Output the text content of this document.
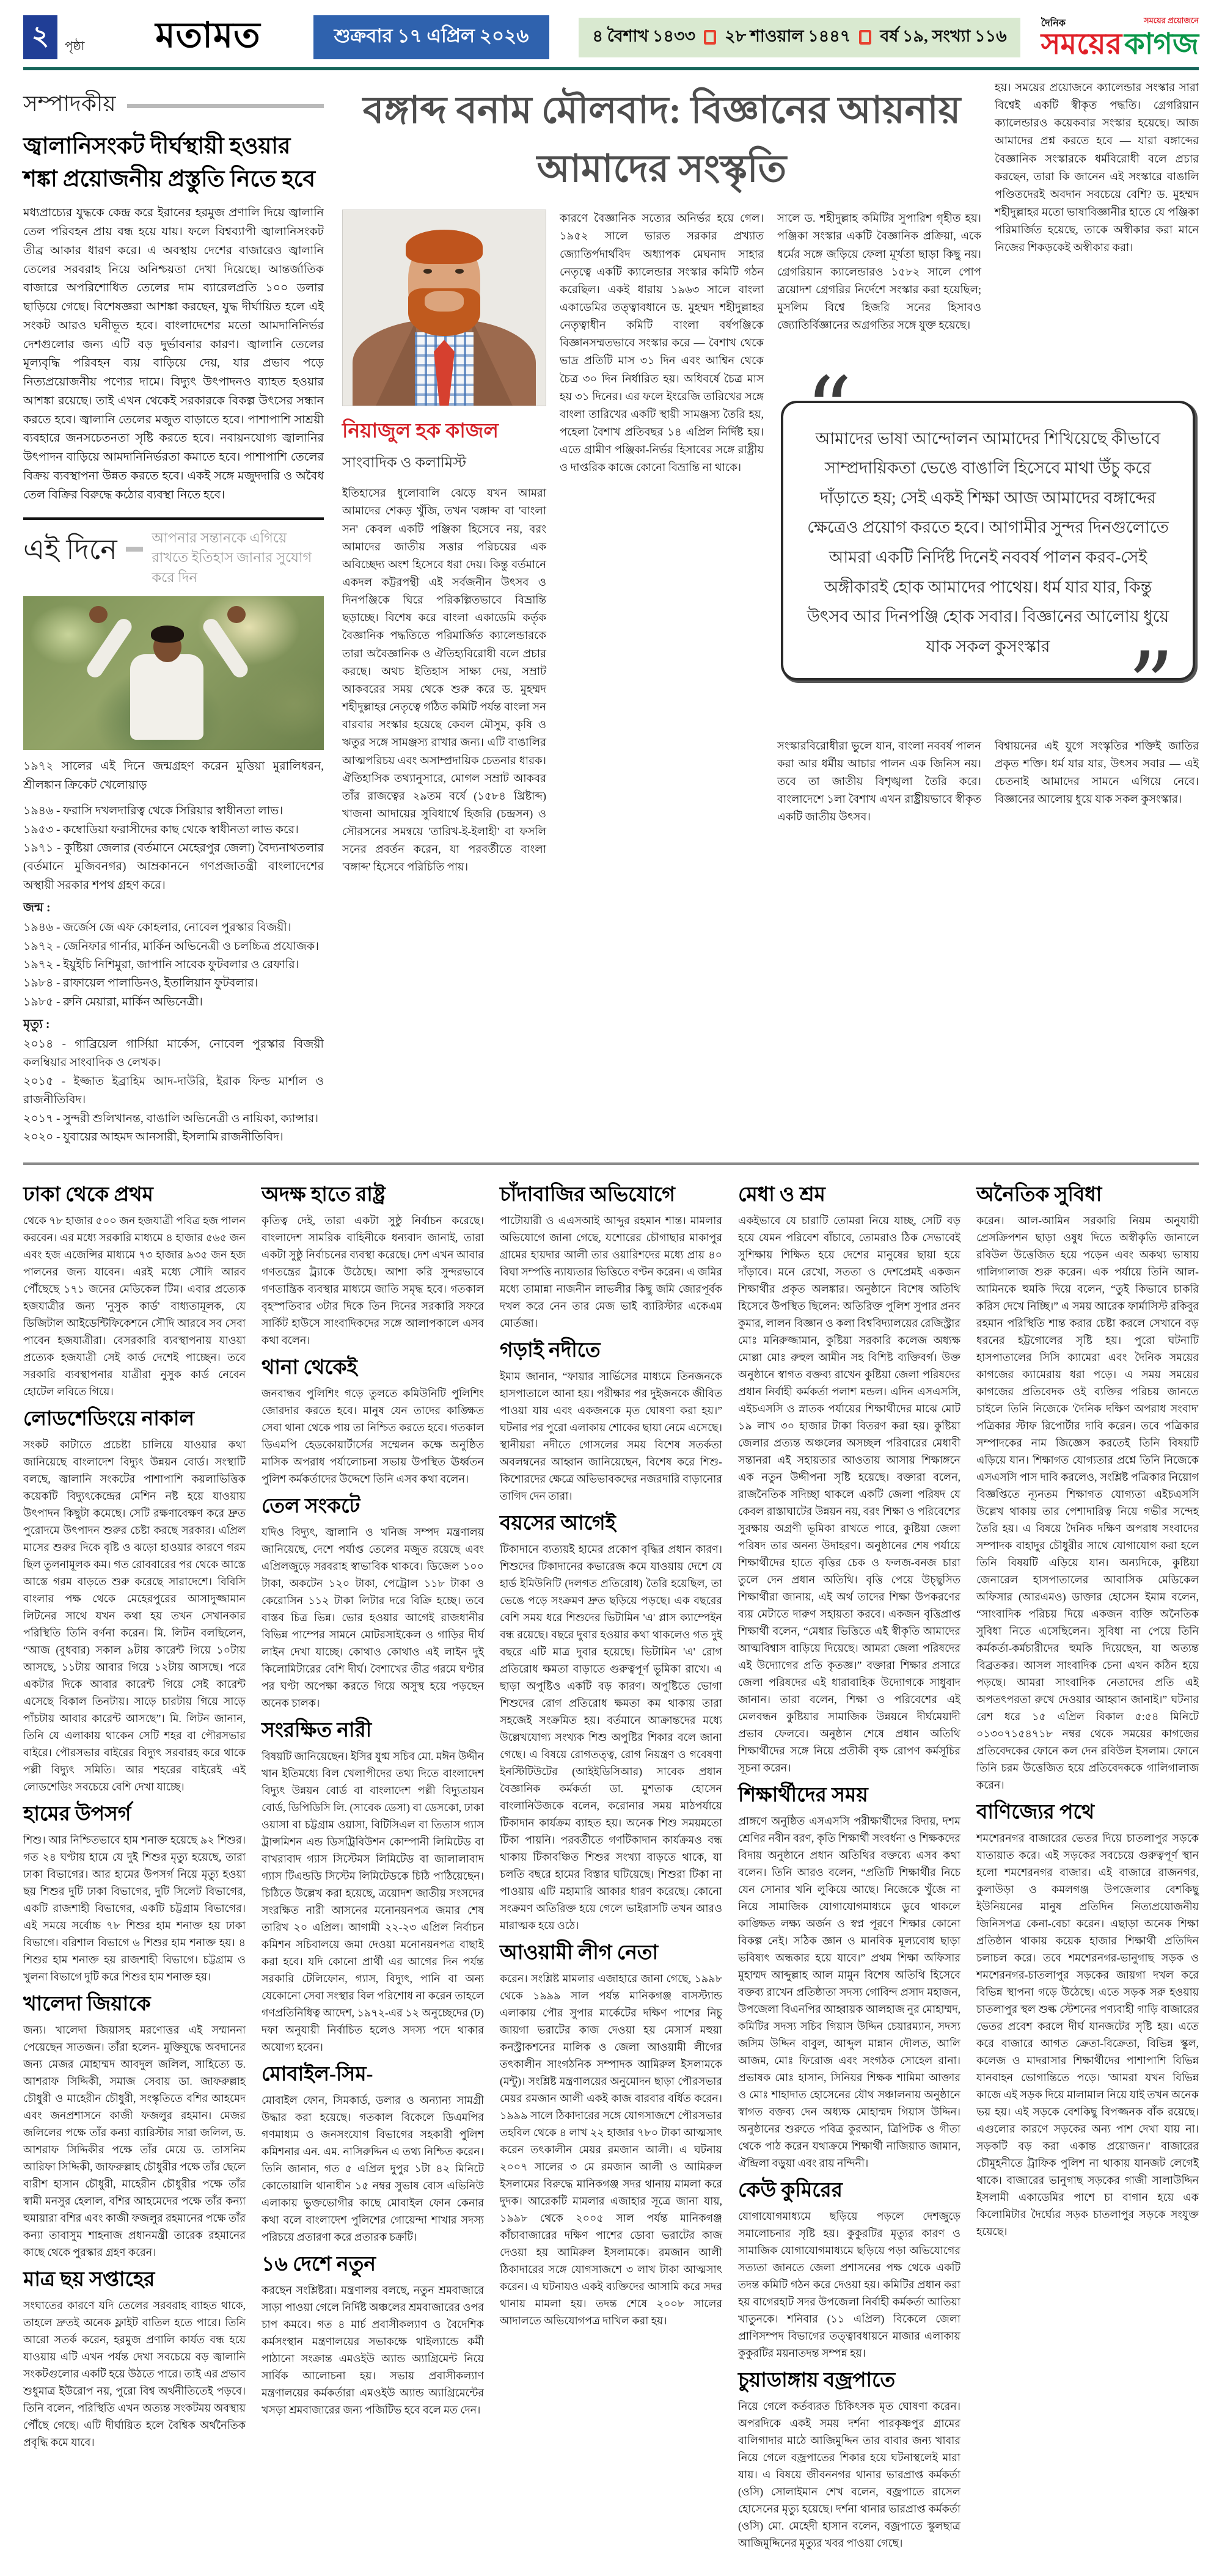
২ পৃষ্ঠা মতামত	শুক্রবার ১৭ এপ্রিল ২০২৬	৪ বৈশাখ ১৪৩৩ ২৮ শাওয়াল ১৪৪৭ বর্ষ ১৯, সংখ্যা ১১৬
দৈনিক	সময়ের প্রয়োজনে
সময়ের কাগজ
সম্পাদকীয়
জ্বালানিসংকট দীর্ঘস্থায়ী হওয়ার শঙ্কা প্রয়োজনীয় প্রস্তুতি নিতে হবে

মধ্যপ্রাচ্যের যুদ্ধকে কেন্দ্র করে ইরানের হরমুজ প্রণালি দিয়ে জ্বালানি তেল পরিবহন প্রায় বন্ধ হয়ে যায়। ফলে বিশ্বব্যাপী জ্বালানিসংকট তীব্র আকার ধারণ করে। এ অবস্থায় দেশের বাজারেও জ্বালানি তেলের সরবরাহ নিয়ে অনিশ্চয়তা দেখা দিয়েছে। আন্তর্জাতিক বাজারে অপরিশোধিত তেলের দাম ব্যারেলপ্রতি ১০০ ডলার ছাড়িয়ে গেছে। বিশেষজ্ঞরা আশঙ্কা করছেন, যুদ্ধ দীর্ঘায়িত হলে এই সংকট আরও ঘনীভূত হবে। বাংলাদেশের মতো আমদানিনির্ভর দেশগুলোর জন্য এটি বড় দুর্ভাবনার কারণ। জ্বালানি তেলের মূল্যবৃদ্ধি পরিবহন ব্যয় বাড়িয়ে দেয়, যার প্রভাব পড়ে নিত্যপ্রয়োজনীয় পণ্যের দামে। বিদ্যুৎ উৎপাদনও ব্যাহত হওয়ার আশঙ্কা রয়েছে। তাই এখন থেকেই সরকারকে বিকল্প উৎসের সন্ধান করতে হবে। জ্বালানি তেলের মজুত বাড়াতে হবে। পাশাপাশি সাশ্রয়ী ব্যবহারে জনসচেতনতা সৃষ্টি করতে হবে। নবায়নযোগ্য জ্বালানির উৎপাদন বাড়িয়ে আমদানিনির্ভরতা কমাতে হবে। পাশাপাশি তেলের বিক্রয় ব্যবস্থাপনা উন্নত করতে হবে। একই সঙ্গে মজুদদারি ও অবৈধ তেল বিক্রির বিরুদ্ধে কঠোর ব্যবস্থা নিতে হবে।

এই দিনে	আপনার সন্তানকে এগিয়ে রাখতে ইতিহাস জানার সুযোগ করে দিন

১৯৭২ সালের এই দিনে জন্মগ্রহণ করেন মুত্তিয়া মুরালিধরন, শ্রীলঙ্কান ক্রিকেট খেলোয়াড়

১৯৪৬ - ফরাসি দখলদারিত্ব থেকে সিরিয়ার স্বাধীনতা লাভ।

১৯৫৩ - কম্বোডিয়া ফরাসীদের কাছ থেকে স্বাধীনতা লাভ করে।

১৯৭১ - কুষ্টিয়া জেলার (বর্তমানে মেহেরপুর জেলা) বৈদ্যনাথতলার (বর্তমানে মুজিবনগর) আম্রকাননে গণপ্রজাতন্ত্রী বাংলাদেশের অস্থায়ী সরকার শপথ গ্রহণ করে।

জন্ম :

১৯৪৬ - জর্জেস জে এফ কোহলার, নোবেল পুরস্কার বিজয়ী।

১৯৭২ - জেনিফার গার্নার, মার্কিন অভিনেত্রী ও চলচ্চিত্র প্রযোজক।

১৯৭২ - ইয়ুইচি নিশিমুরা, জাপানি সাবেক ফুটবলার ও রেফারি।

১৯৮৪ - রাফায়েল পালাডিনও, ইতালিয়ান ফুটবলার।

১৯৮৫ - রুনি মেয়ারা, মার্কিন অভিনেত্রী।

মৃত্যু :

২০১৪ - গাব্রিয়েল গার্সিয়া মার্কেস, নোবেল পুরস্কার বিজয়ী কলম্বিয়ার সাংবাদিক ও লেখক।

২০১৫ - ইজ্জাত ইব্রাহিম আদ-দাউরি, ইরাক ফিল্ড মার্শাল ও রাজনীতিবিদ।

২০১৭ - সুন্দরী শুলিখানন্ত, বাঙালি অভিনেত্রী ও নায়িকা, ক্যান্সার।

২০২০ - যুবায়ের আহমদ আনসারী, ইসলামি রাজনীতিবিদ।

বঙ্গাব্দ বনাম মৌলবাদ: বিজ্ঞানের আয়নায় আমাদের সংস্কৃতি
হয়। সময়ের প্রয়োজনে ক্যালেন্ডার সংস্কার সারা বিশ্বেই একটি স্বীকৃত পদ্ধতি। গ্রেগরিয়ান ক্যালেন্ডারও কয়েকবার সংস্কার হয়েছে। আজ আমাদের প্রশ্ন করতে হবে — যারা বঙ্গাব্দের বৈজ্ঞানিক সংস্কারকে ধর্মবিরোধী বলে প্রচার করছেন, তারা কি জানেন এই সংস্কারে বাঙালি পণ্ডিতদেরই অবদান সবচেয়ে বেশি? ড. মুহম্মদ শহীদুল্লাহর মতো ভাষাবিজ্ঞানীর হাতে যে পঞ্জিকা পরিমার্জিত হয়েছে, তাকে অস্বীকার করা মানে নিজের শিকড়কেই অস্বীকার করা।
নিয়াজুল হক কাজল
সাংবাদিক ও কলামিস্ট

ইতিহাসের ধুলোবালি ঝেড়ে যখন আমরা আমাদের শেকড় খুঁজি, তখন 'বঙ্গাব্দ' বা 'বাংলা সন' কেবল একটি পঞ্জিকা হিসেবে নয়, বরং আমাদের জাতীয় সত্তার পরিচয়ের এক অবিচ্ছেদ্য অংশ হিসেবে ধরা দেয়। কিন্তু বর্তমানে একদল কট্টরপন্থী এই সর্বজনীন উৎসব ও দিনপঞ্জিকে ঘিরে পরিকল্পিতভাবে বিভ্রান্তি ছড়াচ্ছে। বিশেষ করে বাংলা একাডেমি কর্তৃক বৈজ্ঞানিক পদ্ধতিতে পরিমার্জিত ক্যালেন্ডারকে তারা অবৈজ্ঞানিক ও ঐতিহ্যবিরোধী বলে প্রচার করছে। অথচ ইতিহাস সাক্ষ্য দেয়, সম্রাট আকবরের সময় থেকে শুরু করে ড. মুহম্মদ শহীদুল্লাহর নেতৃত্বে গঠিত কমিটি পর্যন্ত বাংলা সন বারবার সংস্কার হয়েছে কেবল মৌসুম, কৃষি ও ঋতুর সঙ্গে সামঞ্জস্য রাখার জন্য। এটি বাঙালির আত্মপরিচয় এবং অসাম্প্রদায়িক চেতনার ধারক। ঐতিহাসিক তথ্যানুসারে, মোগল সম্রাট আকবর তাঁর রাজত্বের ২৯তম বর্ষে (১৫৮৪ খ্রিষ্টাব্দ) খাজনা আদায়ের সুবিধার্থে হিজরি (চন্দ্রসন) ও সৌরসনের সমন্বয়ে 'তারিখ-ই-ইলাহী' বা ফসলি সনের প্রবর্তন করেন, যা পরবর্তীতে বাংলা 'বঙ্গাব্দ' হিসেবে পরিচিতি পায়।

কারণে বৈজ্ঞানিক সত্যের অনির্ভর হয়ে গেল। ১৯৫২ সালে ভারত সরকার প্রখ্যাত জ্যোতির্পদার্থবিদ অধ্যাপক মেঘনাদ সাহার নেতৃত্বে একটি ক্যালেন্ডার সংস্কার কমিটি গঠন করেছিল। একই ধারায় ১৯৬৩ সালে বাংলা একাডেমির তত্ত্বাবধানে ড. মুহম্মদ শহীদুল্লাহর নেতৃত্বাধীন কমিটি বাংলা বর্ষপঞ্জিকে বিজ্ঞানসম্মতভাবে সংস্কার করে — বৈশাখ থেকে ভাদ্র প্রতিটি মাস ৩১ দিন এবং আশ্বিন থেকে চৈত্র ৩০ দিন নির্ধারিত হয়। অধিবর্ষে চৈত্র মাস হয় ৩১ দিনের। এর ফলে ইংরেজি তারিখের সঙ্গে বাংলা তারিখের একটি স্থায়ী সামঞ্জস্য তৈরি হয়, পহেলা বৈশাখ প্রতিবছর ১৪ এপ্রিল নির্দিষ্ট হয়। এতে গ্রামীণ পঞ্জিকা-নির্ভর হিসাবের সঙ্গে রাষ্ট্রীয় ও দাপ্তরিক কাজে কোনো বিভ্রান্তি না থাকে।

সালে ড. শহীদুল্লাহ কমিটির সুপারিশ গৃহীত হয়। পঞ্জিকা সংস্কার একটি বৈজ্ঞানিক প্রক্রিয়া, একে ধর্মের সঙ্গে জড়িয়ে ফেলা মূর্খতা ছাড়া কিছু নয়। গ্রেগরিয়ান ক্যালেন্ডারও ১৫৮২ সালে পোপ ত্রয়োদশ গ্রেগরির নির্দেশে সংস্কার করা হয়েছিল; মুসলিম বিশ্বে হিজরি সনের হিসাবও জ্যোতির্বিজ্ঞানের অগ্রগতির সঙ্গে যুক্ত হয়েছে।

“

আমাদের ভাষা আন্দোলন আমাদের শিখিয়েছে কীভাবে সাম্প্রদায়িকতা ভেঙে বাঙালি হিসেবে মাথা উঁচু করে দাঁড়াতে হয়; সেই একই শিক্ষা আজ আমাদের বঙ্গাব্দের ক্ষেত্রেও প্রয়োগ করতে হবে। আগামীর সুন্দর দিনগুলোতে আমরা একটি নির্দিষ্ট দিনেই নববর্ষ পালন করব-সেই অঙ্গীকারই হোক আমাদের পাথেয়। ধর্ম যার যার, কিন্তু উৎসব আর দিনপঞ্জি হোক সবার। বিজ্ঞানের আলোয় ধুয়ে যাক সকল কুসংস্কার ”

সংস্কারবিরোধীরা ভুলে যান, বাংলা নববর্ষ পালন করা আর ধর্মীয় আচার পালন এক জিনিস নয়। তবে তা জাতীয় বিশৃঙ্খলা তৈরি করে। বাংলাদেশে ১লা বৈশাখ এখন রাষ্ট্রীয়ভাবে স্বীকৃত একটি জাতীয় উৎসব।

বিশ্বায়নের এই যুগে সংস্কৃতির শক্তিই জাতির প্রকৃত শক্তি। ধর্ম যার যার, উৎসব সবার — এই চেতনাই আমাদের সামনে এগিয়ে নেবে। বিজ্ঞানের আলোয় ধুয়ে যাক সকল কুসংস্কার।

ঢাকা থেকে প্রথম

থেকে ৭৮ হাজার ৫০০ জন হজযাত্রী পবিত্র হজ পালন করবেন। এর মধ্যে সরকারি মাধ্যমে ৪ হাজার ৫৬৫ জন এবং হজ এজেন্সির মাধ্যমে ৭৩ হাজার ৯৩৫ জন হজ পালনের জন্য যাবেন। এরই মধ্যে সৌদি আরব পৌঁছেছে ১৭১ জনের মেডিকেল টিম। এবার প্রত্যেক হজযাত্রীর জন্য 'নুসুক কার্ড' বাধ্যতামূলক, যে ডিজিটাল আইডেন্টিফিকেশনে সৌদি আরবে সব সেবা পাবেন হজযাত্রীরা। বেসরকারি ব্যবস্থাপনায় যাওয়া প্রত্যেক হজযাত্রী সেই কার্ড দেশেই পাচ্ছেন। তবে সরকারি ব্যবস্থাপনার যাত্রীরা নুসুক কার্ড নেবেন হোটেল লবিতে গিয়ে।

লোডশেডিংয়ে নাকাল

সংকট কাটাতে প্রচেষ্টা চালিয়ে যাওয়ার কথা জানিয়েছে বাংলাদেশ বিদ্যুৎ উন্নয়ন বোর্ড। সংস্থাটি বলছে, জ্বালানি সংকটের পাশাপাশি কয়লাভিত্তিক কয়েকটি বিদ্যুৎকেন্দ্রের মেশিন নষ্ট হয়ে যাওয়ায় উৎপাদন কিছুটা কমেছে। সেটি রক্ষণাবেক্ষণ করে দ্রুত পুরোদমে উৎপাদন শুরুর চেষ্টা করছে সরকার। এপ্রিল মাসের শুরুর দিকে বৃষ্টি ও ঝড়ো হাওয়ার কারণে গরম ছিল তুলনামূলক কম। গত রোববারের পর থেকে আস্তে আস্তে গরম বাড়তে শুরু করেছে সারাদেশে। বিবিসি বাংলার পক্ষ থেকে মেহেরপুরের আসাদুজ্জামান লিটনের সাথে যখন কথা হয় তখন সেখানকার পরিস্থিতি তিনি বর্ণনা করেন। মি. লিটন বলছিলেন, “আজ (বুধবার) সকাল ৯টায় কারেন্ট গিয়ে ১০টায় আসছে, ১১টায় আবার গিয়ে ১২টায় আসছে। পরে একটার দিকে আবার কারেন্ট গিয়ে সেই কারেন্ট এসেছে বিকাল তিনটায়। সাড়ে চারটায় গিয়ে সাড়ে পাঁচটায় আবার কারেন্ট আসছে”। মি. লিটন জানান, তিনি যে এলাকায় থাকেন সেটি শহর বা পৌরসভার বাইরে। পৌরসভার বাইরের বিদ্যুৎ সরবারহ করে থাকে পল্লী বিদ্যুৎ সমিতি। আর শহরের বাইরেই এই লোডশেডিং সবচেয়ে বেশি দেখা যাচ্ছে।

হামের উপসর্গ

শিশু। আর নিশ্চিতভাবে হাম শনাক্ত হয়েছে ৯২ শিশুর। গত ২৪ ঘণ্টায় হামে যে দুই শিশুর মৃত্যু হয়েছে, তারা ঢাকা বিভাগের। আর হামের উপসর্গ নিয়ে মৃত্যু হওয়া ছয় শিশুর দুটি ঢাকা বিভাগের, দুটি সিলেট বিভাগের, একটি রাজশাহী বিভাগের, একটি চট্টগ্রাম বিভাগের। এই সময়ে সর্বোচ্চ ৭৮ শিশুর হাম শনাক্ত হয় ঢাকা বিভাগে। বরিশাল বিভাগে ৬ শিশুর হাম শনাক্ত হয়। ৪ শিশুর হাম শনাক্ত হয় রাজশাহী বিভাগে। চট্টগ্রাম ও খুলনা বিভাগে দুটি করে শিশুর হাম শনাক্ত হয়।

খালেদা জিয়াকে

জন্য। খালেদা জিয়াসহ মরণোত্তর এই সম্মাননা পেয়েছেন সাতজন। তাঁরা হলেন- মুক্তিযুদ্ধে অবদানের জন্য মেজর মোহাম্মদ আবদুল জলিল, সাহিত্যে ড. আশরাফ সিদ্দিকী, সমাজ সেবায় ডা. জাফরুল্লাহ চৌধুরী ও মাহেরীন চৌধুরী, সংস্কৃতিতে বশির আহমেদ এবং জনপ্রশাসনে কাজী ফজলুর রহমান। মেজর জলিলের পক্ষে তাঁর কন্যা ব্যারিস্টার সারা জলিল, ড. আশরাফ সিদ্দিকীর পক্ষে তাঁর মেয়ে ড. তাসনিম আরিফা সিদ্দিকী, জাফরুল্লাহ চৌধুরীর পক্ষে তাঁর ছেলে বারীশ হাসান চৌধুরী, মাহেরীন চৌধুরীর পক্ষে তাঁর স্বামী মনসুর হেলাল, বশির আহমেদের পক্ষে তাঁর কন্যা হুমায়ারা বশির এবং কাজী ফজলুর রহমানের পক্ষে তাঁর কন্যা তাবাসুম শাহনাজ প্রধানমন্ত্রী তারেক রহমানের কাছে থেকে পুরস্কার গ্রহণ করেন।

মাত্র ছয় সপ্তাহের

সংঘাতের কারণে যদি তেলের সরবরাহ ব্যাহত থাকে, তাহলে দ্রুতই অনেক ফ্লাইট বাতিল হতে পারে। তিনি আরো সতর্ক করেন, হরমুজ প্রণালি কার্যত বন্ধ হয়ে যাওয়ায় এটি এখন পর্যন্ত দেখা সবচেয়ে বড় জ্বালানি সংকটগুলোর একটি হয়ে উঠতে পারে। তাই এর প্রভাব শুধুমাত্র ইউরোপ নয়, পুরো বিশ্ব অর্থনীতিতেই পড়বে। তিনি বলেন, পরিস্থিতি এখন অত্যন্ত সংকটময় অবস্থায় পৌঁছে গেছে। এটি দীর্ঘায়িত হলে বৈশ্বিক অর্থনৈতিক প্রবৃদ্ধি কমে যাবে।

অদক্ষ হাতে রাষ্ট্র

কৃতিত্ব দেই, তারা একটা সুষ্ঠু নির্বাচন করেছে। বাংলাদেশ সামরিক বাহিনীকে ধন্যবাদ জানাই, তারা একটা সুষ্ঠু নির্বাচনের ব্যবস্থা করেছে। দেশ এখন আবার গণতন্ত্রের ট্র্যাকে উঠেছে। আশা করি সুন্দরভাবে গণতান্ত্রিক ব্যবস্থার মাধ্যমে জাতি সমৃদ্ধ হবে। গতকাল বৃহস্পতিবার ৩টার দিকে তিন দিনের সরকারি সফরে সার্কিট হাউসে সাংবাদিকদের সঙ্গে আলাপকালে এসব কথা বলেন।

থানা থেকেই

জনবান্ধব পুলিশিং গড়ে তুলতে কমিউনিটি পুলিশিং জোরদার করতে হবে। মানুষ যেন তাদের কাঙ্ক্ষিত সেবা থানা থেকে পায় তা নিশ্চিত করতে হবে। গতকাল ডিএমপি হেডকোয়ার্টার্সের সম্মেলন কক্ষে অনুষ্ঠিত মাসিক অপরাধ পর্যালোচনা সভায় উপস্থিত ঊর্ধ্বতন পুলিশ কর্মকর্তাদের উদ্দেশে তিনি এসব কথা বলেন।

তেল সংকটে

যদিও বিদ্যুৎ, জ্বালানি ও খনিজ সম্পদ মন্ত্রণালয় জানিয়েছে, দেশে পর্যাপ্ত তেলের মজুত রয়েছে এবং এপ্রিলজুড়ে সরবরাহ স্বাভাবিক থাকবে। ডিজেল ১০০ টাকা, অকটেন ১২০ টাকা, পেট্রোল ১১৮ টাকা ও কেরোসিন ১১২ টাকা লিটার দরে বিক্রি হচ্ছে। তবে বাস্তব চিত্র ভিন্ন। ভোর হওয়ার আগেই রাজধানীর বিভিন্ন পাম্পের সামনে মোটরসাইকেল ও গাড়ির দীর্ঘ লাইন দেখা যাচ্ছে। কোথাও কোথাও এই লাইন দুই কিলোমিটারের বেশি দীর্ঘ। বৈশাখের তীব্র গরমে ঘণ্টার পর ঘণ্টা অপেক্ষা করতে গিয়ে অসুস্থ হয়ে পড়ছেন অনেক চালক।

সংরক্ষিত নারী

বিষয়টি জানিয়েছেন। ইসির যুগ্ম সচিব মো. মঈন উদ্দীন খান ইতিমধ্যে বিল খেলাপীদের তথ্য দিতে বাংলাদেশ বিদ্যুৎ উন্নয়ন বোর্ড বা বাংলাদেশ পল্লী বিদ্যুতায়ন বোর্ড, ডিপিডিসি লি. (সাবেক ডেসা) বা ডেসকো, ঢাকা ওয়াসা বা চট্টগ্রাম ওয়াসা, বিটিসিএল বা তিতাস গ্যাস ট্রান্সমিশন এন্ড ডিসট্রিবিউশন কোম্পানী লিমিটেড বা বাখরাবাদ গ্যাস সিস্টেমস লিমিটেড বা জালালাবাদ গ্যাস টিএন্ডডি সিস্টেম লিমিটেডকে চিঠি পাঠিয়েছেন। চিঠিতে উল্লেখ করা হয়েছে, ত্রয়োদশ জাতীয় সংসদের সংরক্ষিত নারী আসনের মনোনয়নপত্র জমার শেষ তারিখ ২০ এপ্রিল। আগামী ২২-২৩ এপ্রিল নির্বাচন কমিশন সচিবালয়ে জমা দেওয়া মনোনয়নপত্র বাছাই করা হবে। যদি কোনো প্রার্থী এর আগের দিন পর্যন্ত সরকারি টেলিফোন, গ্যাস, বিদ্যুৎ, পানি বা অন্য যেকোনো সেবা সংস্থার বিল পরিশোধ না করেন তাহলে গণপ্রতিনিধিত্ব আদেশ, ১৯৭২-এর ১২ অনুচ্ছেদের (ঢ) দফা অনুযায়ী নির্বাচিত হলেও সদস্য পদে থাকার অযোগ্য হবেন।

মোবাইল-সিম-

মোবাইল ফোন, সিমকার্ড, ডলার ও অন্যান্য সামগ্রী উদ্ধার করা হয়েছে। গতকাল বিকেলে ডিএমপির গণমাধ্যম ও জনসংযোগ বিভাগের সহকারী পুলিশ কমিশনার এন. এম. নাসিরুদ্দিন এ তথ্য নিশ্চিত করেন। তিনি জানান, গত ৫ এপ্রিল দুপুর ১টা ৪২ মিনিটে কোতোয়ালি থানাধীন ১৫ নম্বর সুভাষ বোস এভিনিউ এলাকায় ভুক্তভোগীর কাছে মোবাইল ফোন কেনার কথা বলে বাংলাদেশ পুলিশের গোয়েন্দা শাখার সদস্য পরিচয়ে প্রতারণা করে প্রতারক চক্রটি।

১৬ দেশে নতুন

করছেন সংশ্লিষ্টরা। মন্ত্রণালয় বলছে, নতুন শ্রমবাজারে সাড়া পাওয়া গেলে নির্দিষ্ট অঞ্চলের শ্রমবাজারের ওপর চাপ কমবে। গত ৪ মার্চ প্রবাসীকল্যাণ ও বৈদেশিক কর্মসংস্থান মন্ত্রণালয়ের সভাকক্ষে থাইল্যান্ডে কর্মী পাঠানো সংক্রান্ত এমওইউ অ্যান্ড অ্যাগ্রিমেন্ট নিয়ে সার্বিক আলোচনা হয়। সভায় প্রবাসীকল্যাণ মন্ত্রণালয়ের কর্মকর্তারা এমওইউ অ্যান্ড অ্যাগ্রিমেন্টের খসড়া শ্রমবাজারের জন্য পজিটিভ হবে বলে মত দেন।

চাঁদাবাজির অভিযোগে

পাটোয়ারী ও এএসআই আব্দুর রহমান শান্ত। মামলার অভিযোগে জানা গেছে, যশোরের চৌগাছার মাকাপুর গ্রামের হায়দার আলী তার ওয়ারিশদের মধ্যে প্রায় ৪০ বিঘা সম্পত্তি ন্যায্যতার ভিত্তিতে বণ্টন করেন। এ জমির মধ্যে তামান্না নাজনীন লাভলীর কিছু জমি জোরপূর্বক দখল করে নেন তার মেজ ভাই ব্যারিস্টার একেএম মোর্তজা।

গড়াই নদীতে

ইমাম জানান, “ফায়ার সার্ভিসের মাধ্যমে তিনজনকে হাসপাতালে আনা হয়। পরীক্ষার পর দুইজনকে জীবিত পাওয়া যায় এবং একজনকে মৃত ঘোষণা করা হয়।” ঘটনার পর পুরো এলাকায় শোকের ছায়া নেমে এসেছে। স্থানীয়রা নদীতে গোসলের সময় বিশেষ সতর্কতা অবলম্বনের আহ্বান জানিয়েছেন, বিশেষ করে শিশু-কিশোরদের ক্ষেত্রে অভিভাবকদের নজরদারি বাড়ানোর তাগিদ দেন তারা।

বয়সের আগেই

টিকাদানে ব্যত্যয়ই হামের প্রকোপ বৃদ্ধির প্রধান কারণ। শিশুদের টিকাদানের কভারেজ কমে যাওয়ায় দেশে যে হার্ড ইমিউনিটি (দলগত প্রতিরোধ) তৈরি হয়েছিল, তা ভেঙে পড়ে সংক্রমণ দ্রুত ছড়িয়ে পড়ছে। এক বছরের বেশি সময় ধরে শিশুদের ভিটামিন 'এ' প্লাস ক্যাম্পেইন বন্ধ রয়েছে। বছরে দুবার হওয়ার কথা থাকলেও গত দুই বছরে এটি মাত্র দুবার হয়েছে। ভিটামিন 'এ' রোগ প্রতিরোধ ক্ষমতা বাড়াতে গুরুত্বপূর্ণ ভূমিকা রাখে। এ ছাড়া অপুষ্টিও একটি বড় কারণ। অপুষ্টিতে ভোগা শিশুদের রোগ প্রতিরোধ ক্ষমতা কম থাকায় তারা সহজেই সংক্রমিত হয়। বর্তমানে আক্রান্তদের মধ্যে উল্লেখযোগ্য সংখ্যক শিশু অপুষ্টির শিকার বলে জানা গেছে। এ বিষয়ে রোগতত্ত্ব, রোগ নিয়ন্ত্রণ ও গবেষণা ইনস্টিটিউটের (আইইডিসিআর) সাবেক প্রধান বৈজ্ঞানিক কর্মকর্তা ডা. মুশতাক হোসেন বাংলানিউজকে বলেন, করোনার সময় মাঠপর্যায়ে টিকাদান কার্যক্রম ব্যাহত হয়। অনেক শিশু সময়মতো টিকা পায়নি। পরবর্তীতে গণটিকাদান কার্যক্রমও বন্ধ থাকায় টিকাবঞ্চিত শিশুর সংখ্যা বাড়তে থাকে, যা চলতি বছরে হামের বিস্তার ঘটিয়েছে। শিশুরা টিকা না পাওয়ায় এটি মহামারি আকার ধারণ করেছে। কোনো সংক্রমণ অতিরিক্ত হয়ে গেলে ভাইরাসটি তখন আরও মারাত্মক হয়ে ওঠে।

আওয়ামী লীগ নেতা

করেন। সংশ্লিষ্ট মামলার এজাহারে জানা গেছে, ১৯৯৮ থেকে ১৯৯৯ সাল পর্যন্ত মানিকগঞ্জ বাসস্ট্যান্ড এলাকায় পৌর সুপার মার্কেটের দক্ষিণ পাশের নিচু জায়গা ভরাটের কাজ দেওয়া হয় মেসার্স মহুয়া কনস্ট্রাকশনের মালিক ও জেলা আওয়ামী লীগের তৎকালীন সাংগঠনিক সম্পাদক আমিরুল ইসলামকে (মন্টু)। সংশ্লিষ্ট মন্ত্রণালয়ের অনুমোদন ছাড়া পৌরসভার মেয়র রমজান আলী একই কাজ বারবার বর্ধিত করেন। ১৯৯৯ সালে ঠিকাদারের সঙ্গে যোগসাজশে পৌরসভার তহবিল থেকে ৪ লাখ ২২ হাজার ৭৮০ টাকা আত্মসাৎ করেন তৎকালীন মেয়র রমজান আলী। এ ঘটনায় ২০০৭ সালের ৩ মে রমজান আলী ও আমিরুল ইসলামের বিরুদ্ধে মানিকগঞ্জ সদর থানায় মামলা করে দুদক। আরেকটি মামলার এজাহার সূত্রে জানা যায়, ১৯৯৮ থেকে ২০০৫ সাল পর্যন্ত মানিকগঞ্জ কাঁচাবাজারের দক্ষিণ পাশের ডোবা ভরাটের কাজ দেওয়া হয় আমিরুল ইসলামকে। রমজান আলী ঠিকাদারের সঙ্গে যোগসাজশে ৩ লাখ টাকা আত্মসাৎ করেন। এ ঘটনায়ও একই ব্যক্তিদের আসামি করে সদর থানায় মামলা হয়। তদন্ত শেষে ২০০৮ সালের আদালতে অভিযোগপত্র দাখিল করা হয়।

মেধা ও শ্রম

একইভাবে যে চারাটি তোমরা নিয়ে যাচ্ছ, সেটি বড় হয়ে যেমন পরিবেশ বাঁচাবে, তোমরাও ঠিক সেভাবেই সুশিক্ষায় শিক্ষিত হয়ে দেশের মানুষের ছায়া হয়ে দাঁড়াবে। মনে রেখো, সততা ও দেশপ্রেমই একজন শিক্ষার্থীর প্রকৃত অলঙ্কার। অনুষ্ঠানে বিশেষ অতিথি হিসেবে উপস্থিত ছিলেন: অতিরিক্ত পুলিশ সুপার প্রনব কুমার, লালন বিজ্ঞান ও কলা বিশ্ববিদ্যালয়ের রেজিস্ট্রার মোঃ মনিরুজ্জামান, কুষ্টিয়া সরকারি কলেজ অধ্যক্ষ মোল্লা মোঃ রুহুল আমীন সহ বিশিষ্ট ব্যক্তিবর্গ। উক্ত অনুষ্ঠানে স্বাগত বক্তব্য রাখেন কুষ্টিয়া জেলা পরিষদের প্রধান নির্বাহী কর্মকর্তা পলাশ মন্ডল। এদিন এসএসসি, এইচএসসি ও স্নাতক পর্যায়ের শিক্ষার্থীদের মাঝে মোট ১৯ লাখ ৩০ হাজার টাকা বিতরণ করা হয়। কুষ্টিয়া জেলার প্রত্যন্ত অঞ্চলের অসচ্ছল পরিবারের মেধাবী সন্তানরা এই সহায়তার আওতায় আসায় শিক্ষাঙ্গনে এক নতুন উদ্দীপনা সৃষ্টি হয়েছে। বক্তারা বলেন, রাজনৈতিক সদিচ্ছা থাকলে একটি জেলা পরিষদ যে কেবল রাস্তাঘাটের উন্নয়ন নয়, বরং শিক্ষা ও পরিবেশের সুরক্ষায় অগ্রণী ভূমিকা রাখতে পারে, কুষ্টিয়া জেলা পরিষদ তার অনন্য উদাহরণ। অনুষ্ঠানের শেষ পর্যায়ে শিক্ষার্থীদের হাতে বৃত্তির চেক ও ফলজ-বনজ চারা তুলে দেন প্রধান অতিথি। বৃত্তি পেয়ে উচ্ছ্বসিত শিক্ষার্থীরা জানায়, এই অর্থ তাদের শিক্ষা উপকরণের ব্যয় মেটাতে দারুণ সহায়তা করবে। একজন বৃত্তিপ্রাপ্ত শিক্ষার্থী বলেন, “মেধার ভিত্তিতে এই স্বীকৃতি আমাদের আত্মবিশ্বাস বাড়িয়ে দিয়েছে। আমরা জেলা পরিষদের এই উদ্যোগের প্রতি কৃতজ্ঞ।” বক্তারা শিক্ষার প্রসারে জেলা পরিষদের এই ধারাবাহিক উদ্যোগকে সাধুবাদ জানান। তারা বলেন, শিক্ষা ও পরিবেশের এই মেলবন্ধন কুষ্টিয়ার সামাজিক উন্নয়নে দীর্ঘমেয়াদী প্রভাব ফেলবে। অনুষ্ঠান শেষে প্রধান অতিথি শিক্ষার্থীদের সঙ্গে নিয়ে প্রতীকী বৃক্ষ রোপণ কর্মসূচির সূচনা করেন।

শিক্ষার্থীদের সময়

প্রাঙ্গণে অনুষ্ঠিত এসএসসি পরীক্ষার্থীদের বিদায়, দশম শ্রেণির নবীন বরণ, কৃতি শিক্ষার্থী সংবর্ধনা ও শিক্ষকদের বিদায় অনুষ্ঠানে প্রধান অতিথির বক্তব্যে এসব কথা বলেন। তিনি আরও বলেন, “প্রতিটি শিক্ষার্থীর নিচে যেন সোনার খনি লুকিয়ে আছে। নিজেকে খুঁজে না নিয়ে সামাজিক যোগাযোগমাধ্যমে ডুবে থাকলে কাঙ্ক্ষিত লক্ষ্য অর্জন ও স্বপ্ন পূরণে শিক্ষার কোনো বিকল্প নেই। সঠিক জ্ঞান ও মানবিক মূল্যবোধ ছাড়া ভবিষ্যৎ অন্ধকার হয়ে যাবে।” প্রথম শিক্ষা অফিসার মুহাম্মদ আব্দুল্লাহ আল মামুন বিশেষ অতিথি হিসেবে বক্তব্য রাখেন প্রতিষ্ঠাতা সদস্য গোবিন্দ প্রসাদ মহাজন, উপজেলা বিএনপির আহ্বায়ক আলহাজ নুর মোহাম্মদ, কমিটির সদস্য সচিব গিয়াস উদ্দিন চেয়ারম্যান, সদস্য জসিম উদ্দিন বাবুল, আব্দুল মান্নান দৌলত, আলি আজম, মোঃ ফিরোজ এবং সংগঠক সোহেল রানা। প্রভাষক মোঃ হাসান, সিনিয়র শিক্ষক শামিমা আক্তার ও মোঃ শাহাদাত হোসেনের যৌথ সঞ্চালনায় অনুষ্ঠানে স্বাগত বক্তব্য দেন অধ্যক্ষ মোহাম্মদ গিয়াস উদ্দিন। অনুষ্ঠানের শুরুতে পবিত্র কুরআন, ত্রিপিটক ও গীতা থেকে পাঠ করেন যথাক্রমে শিক্ষার্থী নাজিয়াত জামান, ঐন্দ্রিলা বড়ুয়া এবং রায় নন্দিনী।

কেউ কুমিরের

যোগাযোগমাধ্যমে ছড়িয়ে পড়লে দেশজুড়ে সমালোচনার সৃষ্টি হয়। কুকুরটির মৃত্যুর কারণ ও সামাজিক যোগাযোগমাধ্যমে ছড়িয়ে পড়া অভিযোগের সত্যতা জানতে জেলা প্রশাসনের পক্ষ থেকে একটি তদন্ত কমিটি গঠন করে দেওয়া হয়। কমিটির প্রধান করা হয় বাগেরহাট সদর উপজেলা নির্বাহী কর্মকর্তা আতিয়া খাতুনকে। শনিবার (১১ এপ্রিল) বিকেলে জেলা প্রাণিসম্পদ বিভাগের তত্ত্বাবধায়নে মাজার এলাকায় কুকুরটির ময়নাতদন্ত সম্পন্ন হয়।

চুয়াডাঙ্গায় বজ্রপাতে

নিয়ে গেলে কর্তব্যরত চিকিৎসক মৃত ঘোষণা করেন। অপরদিকে একই সময় দর্শনা পারকৃষ্ণপুর গ্রামের বালিগাদার মাঠে আজিমুদ্দিন তার বাবার জন্য খাবার নিয়ে গেলে বজ্রপাতের শিকার হয়ে ঘটনাস্থলেই মারা যায়। এ বিষয়ে জীবননগর থানার ভারপ্রাপ্ত কর্মকর্তা (ওসি) সোলাইমান শেখ বলেন, বজ্রপাতে রাসেল হোসেনের মৃত্যু হয়েছে। দর্শনা থানার ভারপ্রাপ্ত কর্মকর্তা (ওসি) মো. মেহেদী হাসান বলেন, বজ্রপাতে স্কুলছাত্র আজিমুদ্দিনের মৃত্যুর খবর পাওয়া গেছে।

অনৈতিক সুবিধা

করেন। আল-আমিন সরকারি নিয়ম অনুযায়ী প্রেসক্রিপশন ছাড়া ওষুধ দিতে অস্বীকৃতি জানালে রবিউল উত্তেজিত হয়ে পড়েন এবং অকথ্য ভাষায় গালিগালাজ শুরু করেন। এক পর্যায়ে তিনি আল-আমিনকে হুমকি দিয়ে বলেন, “তুই কিভাবে চাকরি করিস দেখে নিচ্ছি।” এ সময় আরেক ফার্মাসিস্ট রকিবুর রহমান পরিস্থিতি শান্ত করার চেষ্টা করলে সেখানে বড় ধরনের হট্টগোলের সৃষ্টি হয়। পুরো ঘটনাটি হাসপাতালের সিসি ক্যামেরা এবং দৈনিক সময়ের কাগজের ক্যামেরায় ধরা পড়ে। এ সময় সময়ের কাগজের প্রতিবেদক ওই ব্যক্তির পরিচয় জানতে চাইলে তিনি নিজেকে 'দৈনিক দক্ষিণ অপরাধ সংবাদ' পত্রিকার স্টাফ রিপোর্টার দাবি করেন। তবে পত্রিকার সম্পাদকের নাম জিজ্ঞেস করতেই তিনি বিষয়টি এড়িয়ে যান। শিক্ষাগত যোগ্যতার প্রশ্নে তিনি নিজেকে এসএসসি পাস দাবি করলেও, সংশ্লিষ্ট পত্রিকার নিয়োগ বিজ্ঞপ্তিতে ন্যূনতম শিক্ষাগত যোগ্যতা এইচএসসি উল্লেখ থাকায় তার পেশাদারিত্ব নিয়ে গভীর সন্দেহ তৈরি হয়। এ বিষয়ে দৈনিক দক্ষিণ অপরাধ সংবাদের সম্পাদক বাহাদুর চৌধুরীর সাথে যোগাযোগ করা হলে তিনি বিষয়টি এড়িয়ে যান। অন্যদিকে, কুষ্টিয়া জেনারেল হাসপাতালের আবাসিক মেডিকেল অফিসার (আরএমও) ডাক্তার হোসেন ইমাম বলেন, “সাংবাদিক পরিচয় দিয়ে একজন ব্যক্তি অনৈতিক সুবিধা নিতে এসেছিলেন। সুবিধা না পেয়ে তিনি কর্মকর্তা-কর্মচারীদের হুমকি দিয়েছেন, যা অত্যন্ত বিব্রতকর। আসল সাংবাদিক চেনা এখন কঠিন হয়ে পড়ছে। আমরা সাংবাদিক নেতাদের প্রতি এই অপতৎপরতা রুখে দেওয়ার আহ্বান জানাই।” ঘটনার রেশ ধরে ১৫ এপ্রিল বিকাল ৫:৫৪ মিনিটে ০১৩০৭১৫৪৭১৮ নম্বর থেকে সময়ের কাগজের প্রতিবেদকের ফোনে কল দেন রবিউল ইসলাম। ফোনে তিনি চরম উত্তেজিত হয়ে প্রতিবেদককে গালিগালাজ করেন।

বাণিজ্যের পথে

শমশেরনগর বাজারের ভেতর দিয়ে চাতলাপুর সড়কে যাতায়াত করে। এই সড়কের সবচেয়ে গুরুত্বপূর্ণ স্থান হলো শমশেরনগর বাজার। এই বাজারে রাজনগর, কুলাউড়া ও কমলগঞ্জ উপজেলার বেশকিছু ইউনিয়নের মানুষ প্রতিদিন নিত্যপ্রয়োজনীয় জিনিসপত্র কেনা-বেচা করেন। এছাড়া অনেক শিক্ষা প্রতিষ্ঠান থাকায় কয়েক হাজার শিক্ষার্থী প্রতিদিন চলাচল করে। তবে শমশেরনগর-ভানুগাছ সড়ক ও শমশেরনগর-চাতলাপুর সড়কের জায়গা দখল করে বিভিন্ন স্থাপনা গড়ে উঠেছে। এতে সড়ক সরু হওয়ায় চাতলাপুর স্থল শুল্ক স্টেশনের পণ্যবাহী গাড়ি বাজারের ভেতর প্রবেশ করলে দীর্ঘ যানজটের সৃষ্টি হয়। এতে করে বাজারে আগত ক্রেতা-বিক্রেতা, বিভিন্ন স্কুল, কলেজ ও মাদরাসার শিক্ষার্থীদের পাশাপাশি বিভিন্ন যানবাহন ভোগান্তিতে পড়ে। 'আমরা যখন বিভিন্ন কাজে এই সড়ক দিয়ে মালামাল নিয়ে যাই তখন অনেক ভয় হয়। এই সড়কে বেশকিছু বিপজ্জনক বাঁক রয়েছে। এগুলোর কারণে সড়কের অন্য পাশ দেখা যায় না। সড়কটি বড় করা একান্ত প্রয়োজন।' বাজারের চৌমুহনীতে ট্রাফিক পুলিশ না থাকায় যানজট লেগেই থাকে। বাজারের ভানুগাছ সড়কের গাজী সালাউদ্দিন ইসলামী একাডেমির পাশে চা বাগান হয়ে এক কিলোমিটার দৈর্ঘ্যের সড়ক চাতলাপুর সড়কে সংযুক্ত হয়েছে।
